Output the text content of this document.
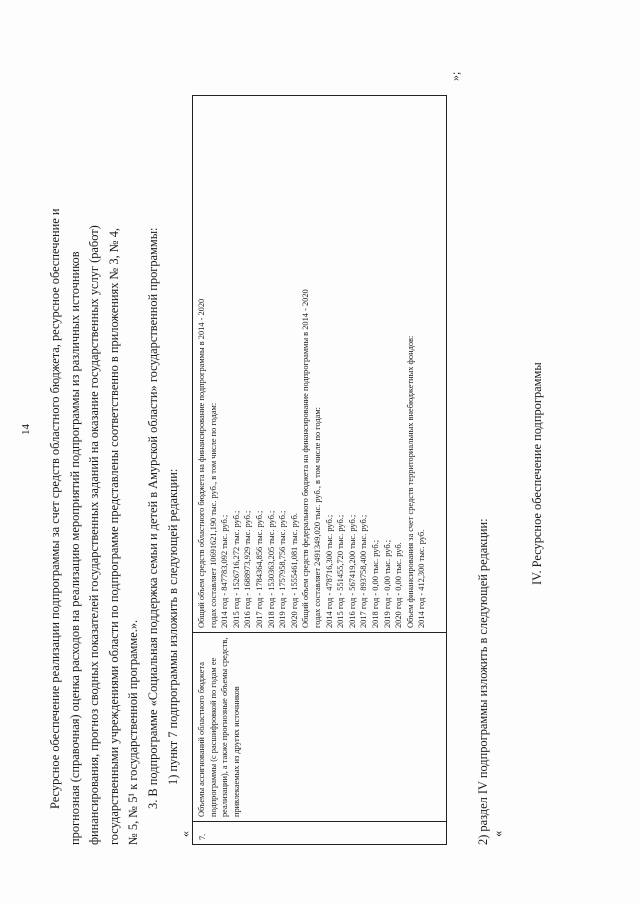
14 Ресурсное обеспечение реализации подпрограммы за счет средств областного бюджета, ресурсное обеспечение и прогнозная (справочная) оценка расходов на реализацию мероприятий подпрограммы из различных источников финансирования, прогноз сводных показателей государственных заданий на оказание государственных услуг (работ) государственными учреждениями области по подпрограмме представлены соответственно в приложениях № 3, № 4, № 5, № 5¹ к государственной программе.». 3. В подпрограмме «Социальная поддержка семьи и детей в Амурской области» государственной программы: 1) пункт 7 подпрограммы изложить в следующей редакции:
« 7.
Объемы ассигнований областного бюджета подпрограммы (с расшифровкой по годам ее реализации), а также прогнозные объемы средств, привлекаемых из других источников
Общий объем средств областного бюджета на финансирование подпрограммы в 2014 - 2020 годах составляет 10691621,190 тыс. руб., в том числе по годам: 2014 год - 847783,092 тыс. руб.; 2015 год - 1526716,272 тыс. руб.; 2016 год - 1688973,929 тыс. руб.; 2017 год - 1784364,856 тыс. руб.; 2018 год - 1530363,205 тыс. руб.; 2019 год - 1757958,756 тыс. руб.; 2020 год - 1555461,081 тыс. руб. Общий объем средств федерального бюджета на финансирование подпрограммы в 2014 - 2020 годах составляет 2491349,020 тыс. руб., в том числе по годам: 2014 год - 478716,300 тыс. руб.; 2015 год - 551455,720 тыс. руб.; 2016 год - 567419,200 тыс. руб.; 2017 год - 893758,400 тыс. руб.; 2018 год - 0,00 тыс. руб.; 2019 год - 0,00 тыс. руб.; 2020 год - 0,00 тыс. руб. Объем финансирования за счет средств территориальных внебюджетных фондов: 2014 год - 412,300 тыс. руб.
»;
2) раздел IV подпрограммы изложить в следующей редакции: «
IV. Ресурсное обеспечение подпрограммы
